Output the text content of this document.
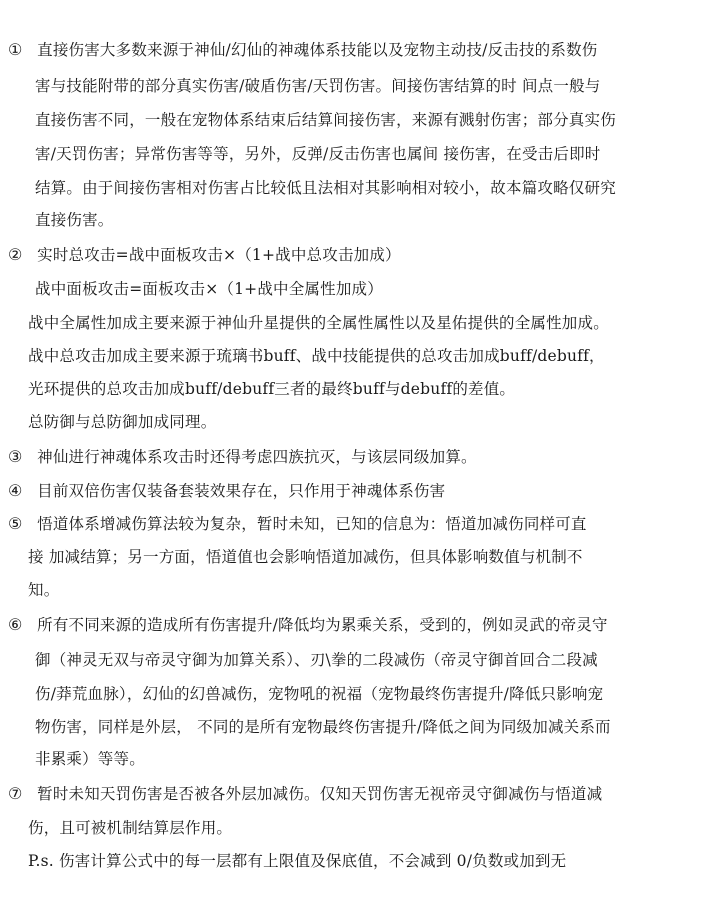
① 直接伤害大多数来源于神仙/幻仙的神魂体系技能以及宠物主动技/反击技的系数伤
害与技能附带的部分真实伤害/破盾伤害/天罚伤害。间接伤害结算的时 间点一般与
直接伤害不同，一般在宠物体系结束后结算间接伤害，来源有溅射伤害；部分真实伤
害/天罚伤害；异常伤害等等，另外，反弹/反击伤害也属间 接伤害，在受击后即时
结算。由于间接伤害相对伤害占比较低且法相对其影响相对较小，故本篇攻略仅研究
直接伤害。
② 实时总攻击=战中面板攻击×（1+战中总攻击加成）
战中面板攻击=面板攻击×（1+战中全属性加成）
战中全属性加成主要来源于神仙升星提供的全属性属性以及星佑提供的全属性加成。
战中总攻击加成主要来源于琉璃书buff、战中技能提供的总攻击加成buff/debuff，
光环提供的总攻击加成buff/debuff三者的最终buff与debuff的差值。
总防御与总防御加成同理。
③ 神仙进行神魂体系攻击时还得考虑四族抗灭，与该层同级加算。
④ 目前双倍伤害仅装备套装效果存在，只作用于神魂体系伤害
⑤ 悟道体系增减伤算法较为复杂，暂时未知，已知的信息为：悟道加减伤同样可直
接 加减结算；另一方面，悟道值也会影响悟道加减伤，但具体影响数值与机制不
知。
⑥ 所有不同来源的造成所有伤害提升/降低均为累乘关系，受到的，例如灵武的帝灵守
御（神灵无双与帝灵守御为加算关系）、刃\拳的二段减伤（帝灵守御首回合二段减
伤/莽荒血脉），幻仙的幻兽减伤，宠物吼的祝福（宠物最终伤害提升/降低只影响宠
物伤害，同样是外层， 不同的是所有宠物最终伤害提升/降低之间为同级加减关系而
非累乘）等等。
⑦ 暂时未知天罚伤害是否被各外层加减伤。仅知天罚伤害无视帝灵守御减伤与悟道减
伤，且可被机制结算层作用。
P.s. 伤害计算公式中的每一层都有上限值及保底值，不会减到 0/负数或加到无
